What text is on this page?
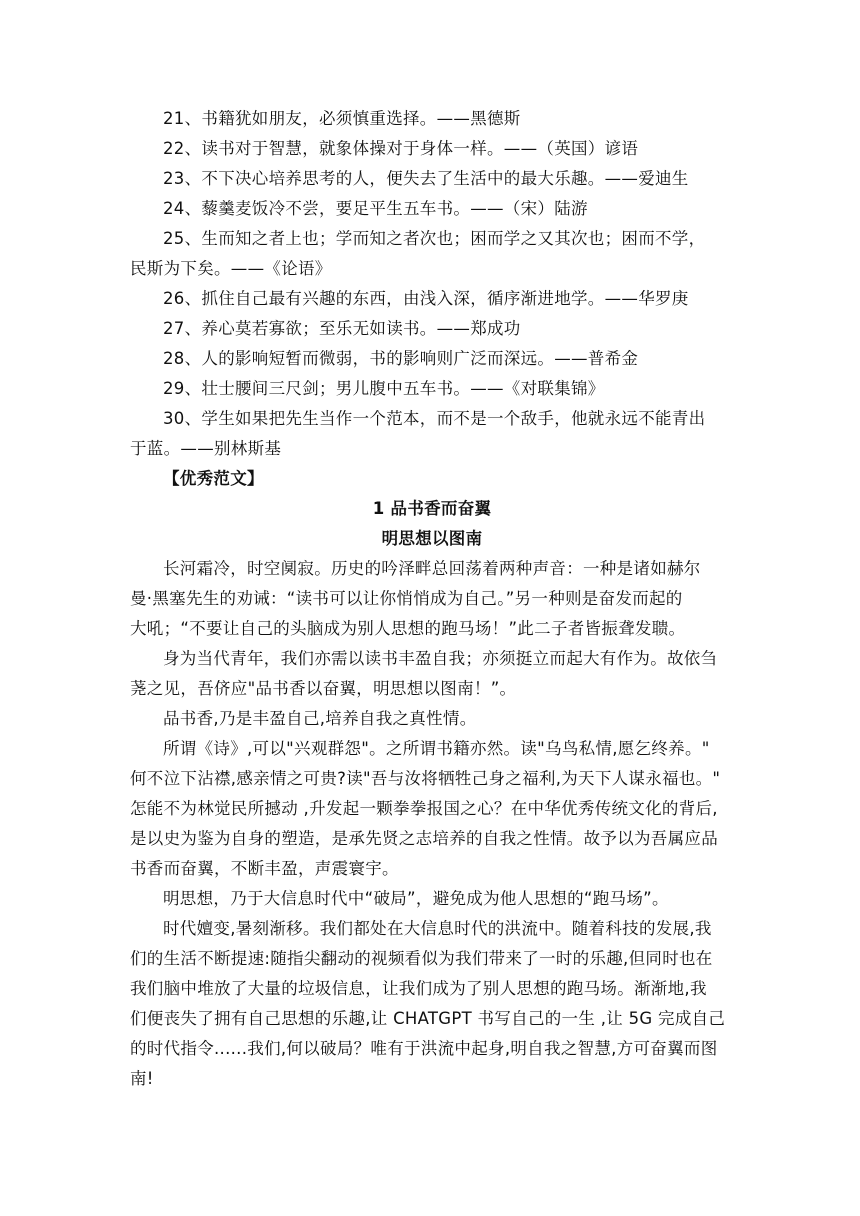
21、书籍犹如朋友，必须慎重选择。——黑德斯

22、读书对于智慧，就象体操对于身体一样。——（英国）谚语

23、不下决心培养思考的人，便失去了生活中的最大乐趣。——爱迪生

24、藜羹麦饭冷不尝，要足平生五车书。——（宋）陆游

25、生而知之者上也；学而知之者次也；困而学之又其次也；困而不学，

民斯为下矣。——《论语》

26、抓住自己最有兴趣的东西，由浅入深，循序渐进地学。——华罗庚

27、养心莫若寡欲；至乐无如读书。——郑成功

28、人的影响短暂而微弱，书的影响则广泛而深远。——普希金

29、壮士腰间三尺剑；男儿腹中五车书。——《对联集锦》

30、学生如果把先生当作一个范本，而不是一个敌手，他就永远不能青出

于蓝。——别林斯基

【优秀范文】

1 品书香而奋翼

明思想以图南

长河霜冷，时空阒寂。历史的吟泽畔总回荡着两种声音：一种是诸如赫尔

曼·黑塞先生的劝诫：“读书可以让你悄悄成为自己。”另一种则是奋发而起的

大吼；“不要让自己的头脑成为别人思想的跑马场！”此二子者皆振聋发聩。

身为当代青年，我们亦需以读书丰盈自我；亦须挺立而起大有作为。故依刍

荛之见，吾侪应"品书香以奋翼，明思想以图南！”。

品书香,乃是丰盈自己,培养自我之真性情。

所谓《诗》,可以"兴观群怨"。之所谓书籍亦然。读"乌鸟私情,愿乞终养。"

何不泣下沾襟,感亲情之可贵?读"吾与汝将牺牲己身之福利,为天下人谋永福也。"

怎能不为林觉民所撼动 ,升发起一颗拳拳报国之心？在中华优秀传统文化的背后,

是以史为鉴为自身的塑造，是承先贤之志培养的自我之性情。故予以为吾属应品

书香而奋翼，不断丰盈，声震寰宇。

明思想，乃于大信息时代中“破局”，避免成为他人思想的“跑马场”。

时代嬗变,暑刻渐移。我们都处在大信息时代的洪流中。随着科技的发展,我

们的生活不断提速:随指尖翻动的视频看似为我们带来了一时的乐趣,但同时也在

我们脑中堆放了大量的垃圾信息，让我们成为了别人思想的跑马场。渐渐地,我

们便丧失了拥有自己思想的乐趣,让 CHATGPT 书写自己的一生 ,让 5G 完成自己

的时代指令......我们,何以破局？唯有于洪流中起身,明自我之智慧,方可奋翼而图

南!
